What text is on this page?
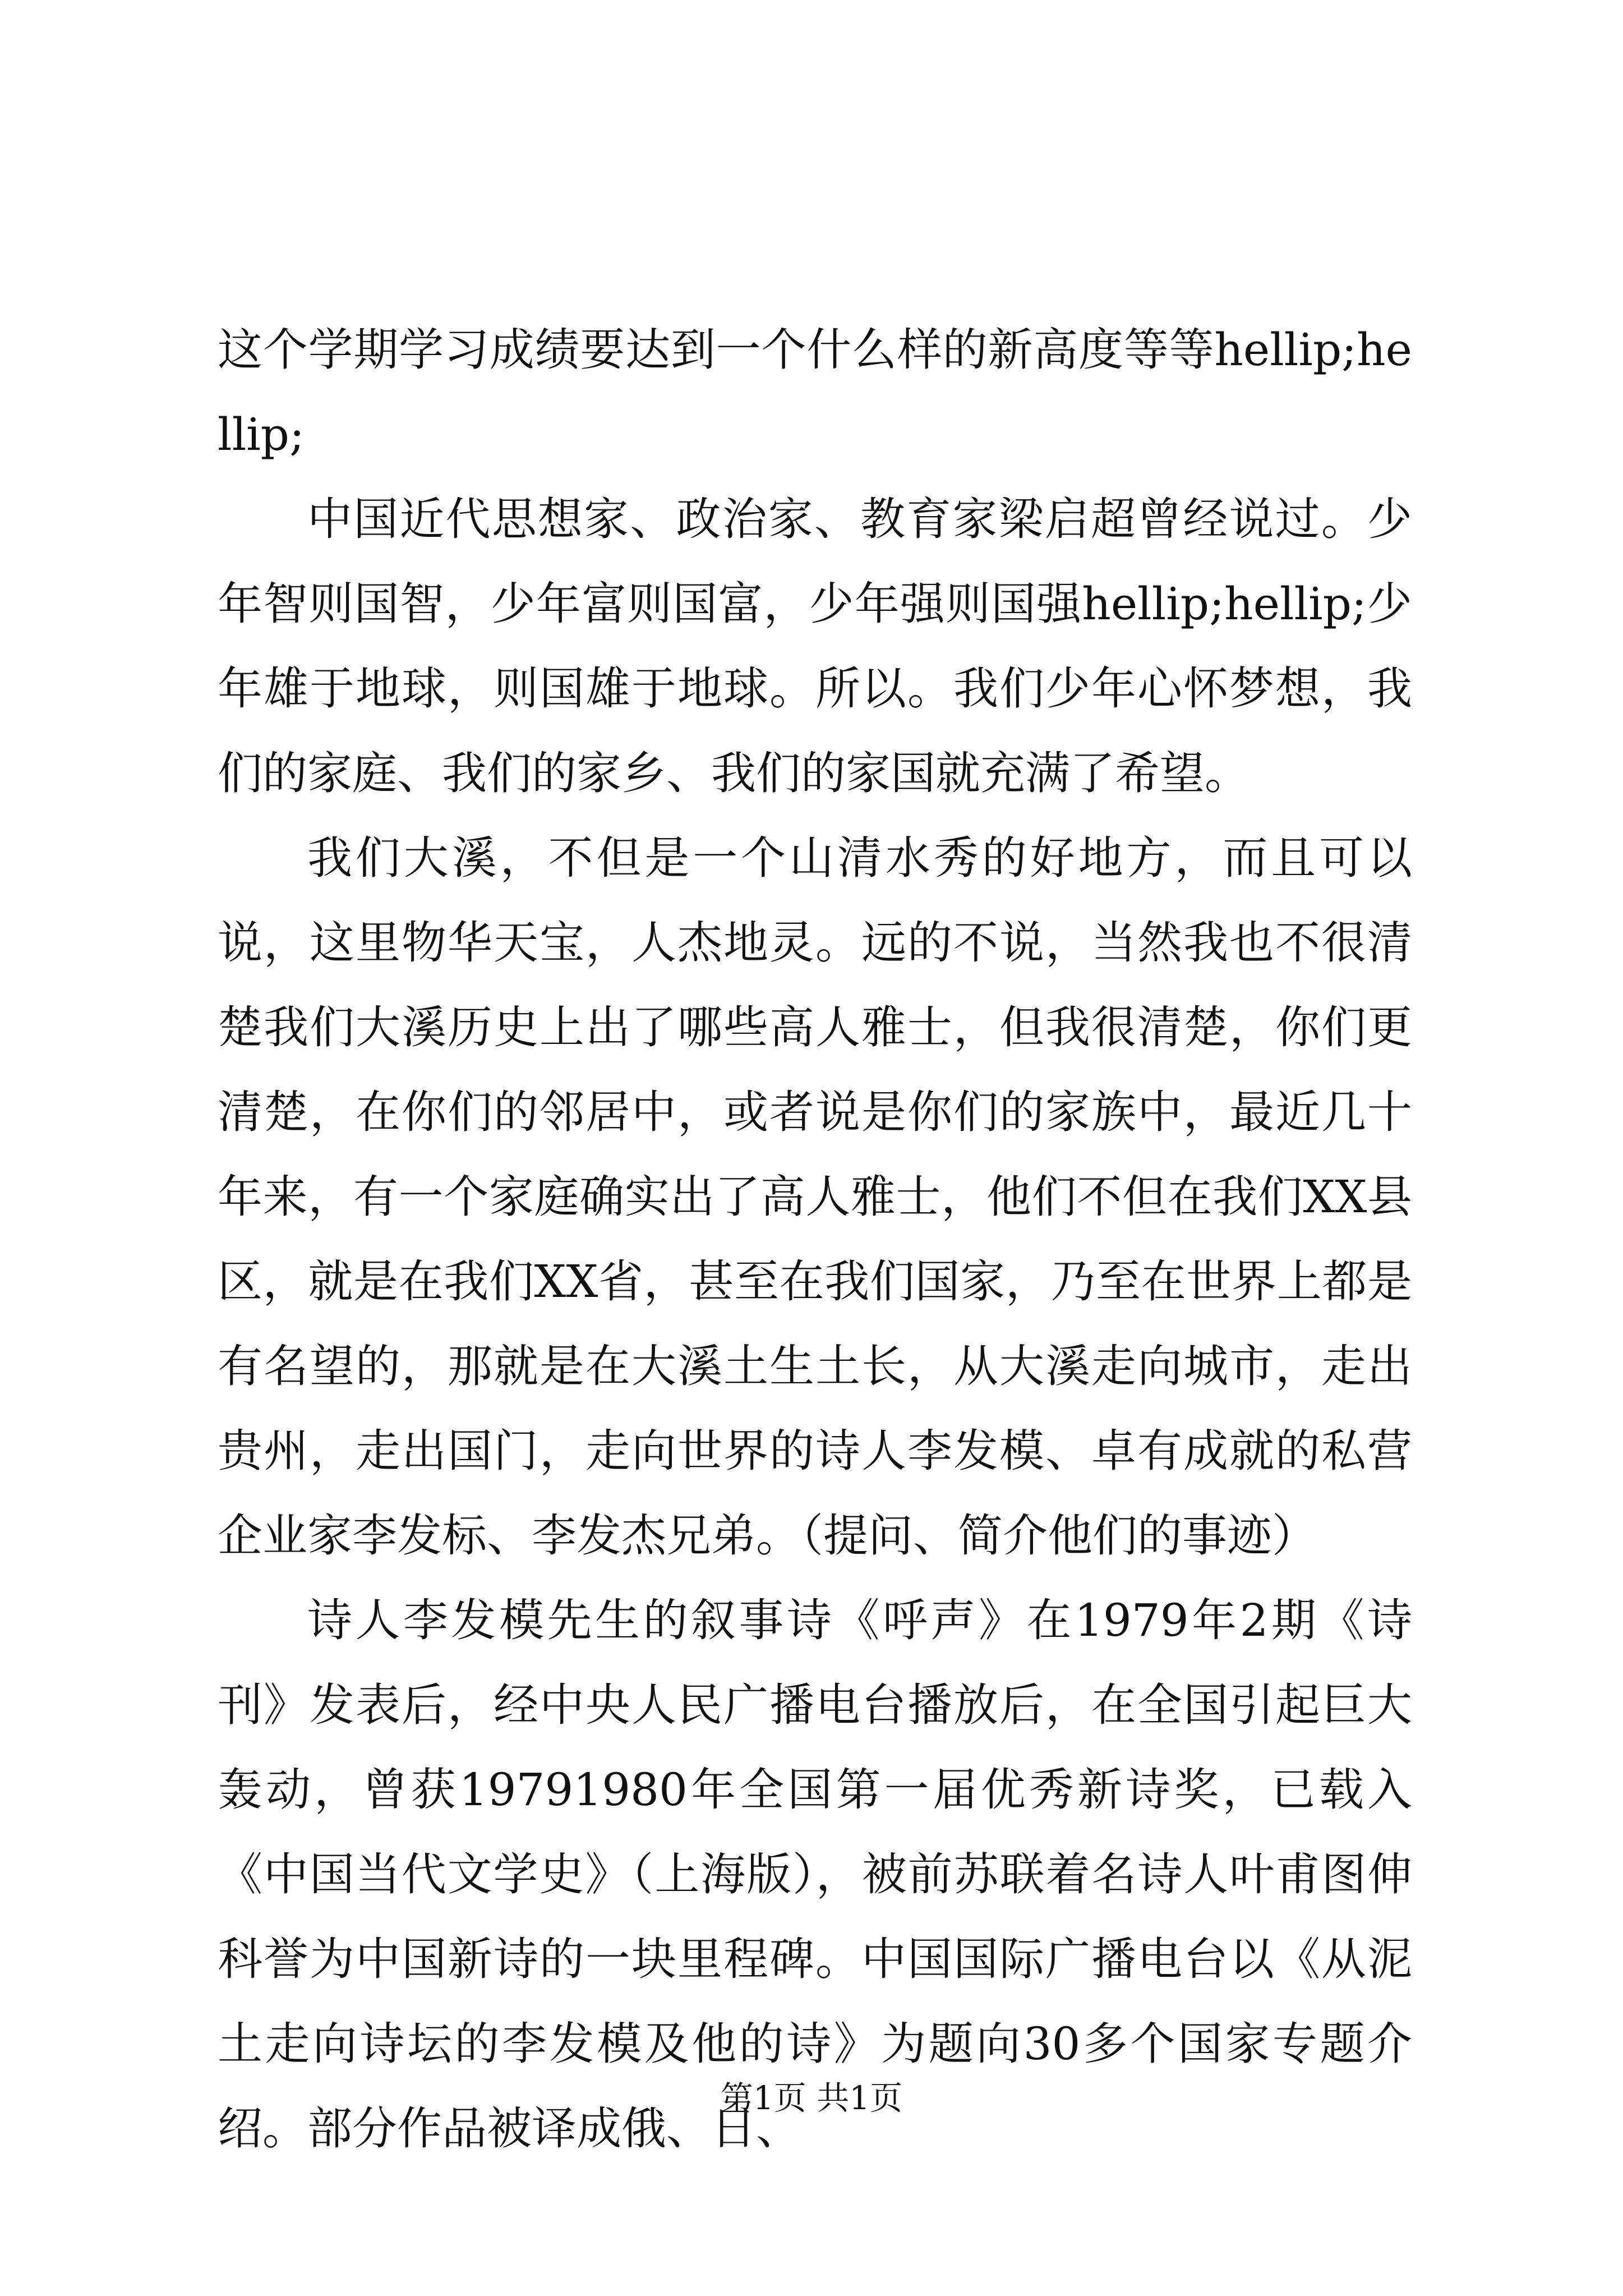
这个学期学习成绩要达到一个什么样的新高度等等hellip;hellip;

中国近代思想家、政治家、教育家梁启超曾经说过。少年智则国智，少年富则国富，少年强则国强hellip;hellip;少年雄于地球，则国雄于地球。所以。我们少年心怀梦想，我们的家庭、我们的家乡、我们的家国就充满了希望。

我们大溪，不但是一个山清水秀的好地方，而且可以说，这里物华天宝，人杰地灵。远的不说，当然我也不很清楚我们大溪历史上出了哪些高人雅士，但我很清楚，你们更清楚，在你们的邻居中，或者说是你们的家族中，最近几十年来，有一个家庭确实出了高人雅士，他们不但在我们XX县区，就是在我们XX省，甚至在我们国家，乃至在世界上都是有名望的，那就是在大溪土生土长，从大溪走向城市，走出贵州，走出国门，走向世界的诗人李发模、卓有成就的私营企业家李发标、李发杰兄弟。（提问、简介他们的事迹）

诗人李发模先生的叙事诗《呼声》在1979年2期《诗刊》发表后，经中央人民广播电台播放后，在全国引起巨大轰动，曾获19791980年全国第一届优秀新诗奖，已载入《中国当代文学史》（上海版），被前苏联着名诗人叶甫图伸科誉为中国新诗的一块里程碑。中国国际广播电台以《从泥土走向诗坛的李发模及他的诗》为题向30多个国家专题介绍。部分作品被译成俄、日、

第1页 共1页
